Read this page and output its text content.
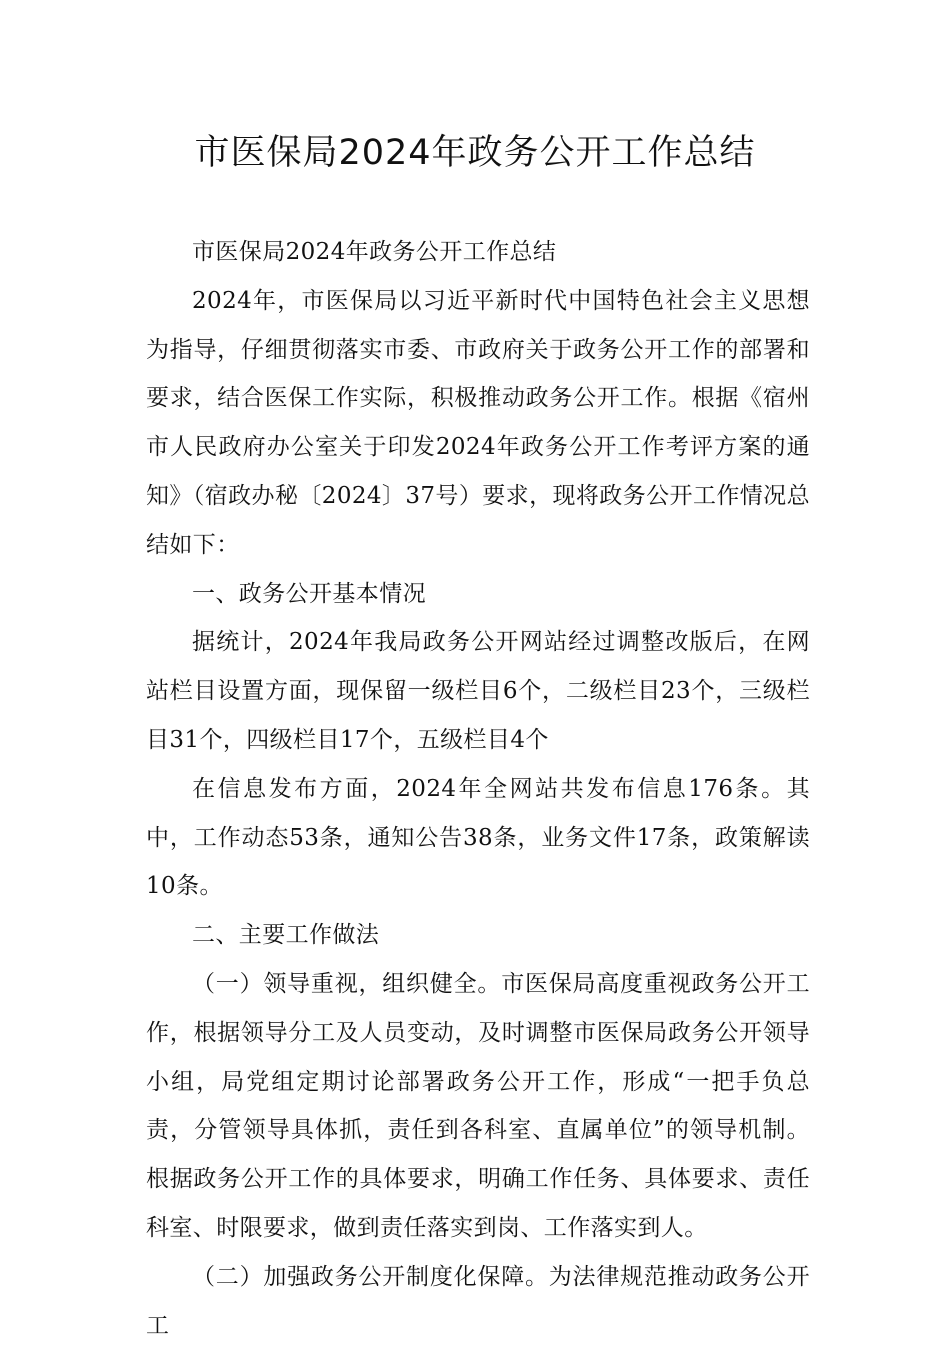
市医保局2024年政务公开工作总结

市医保局2024年政务公开工作总结

2024年，市医保局以习近平新时代中国特色社会主义思想为指导，仔细贯彻落实市委、市政府关于政务公开工作的部署和要求，结合医保工作实际，积极推动政务公开工作。根据《宿州市人民政府办公室关于印发2024年政务公开工作考评方案的通知》（宿政办秘〔2024〕37号）要求，现将政务公开工作情况总结如下：

一、政务公开基本情况

据统计，2024年我局政务公开网站经过调整改版后，在网站栏目设置方面，现保留一级栏目6个，二级栏目23个，三级栏目31个，四级栏目17个，五级栏目4个

在信息发布方面，2024年全网站共发布信息176条。其中，工作动态53条，通知公告38条，业务文件17条，政策解读10条。

二、主要工作做法

（一）领导重视，组织健全。市医保局高度重视政务公开工作，根据领导分工及人员变动，及时调整市医保局政务公开领导小组，局党组定期讨论部署政务公开工作，形成“一把手负总责，分管领导具体抓，责任到各科室、直属单位”的领导机制。根据政务公开工作的具体要求，明确工作任务、具体要求、责任科室、时限要求，做到责任落实到岗、工作落实到人。

（二）加强政务公开制度化保障。为法律规范推动政务公开工
